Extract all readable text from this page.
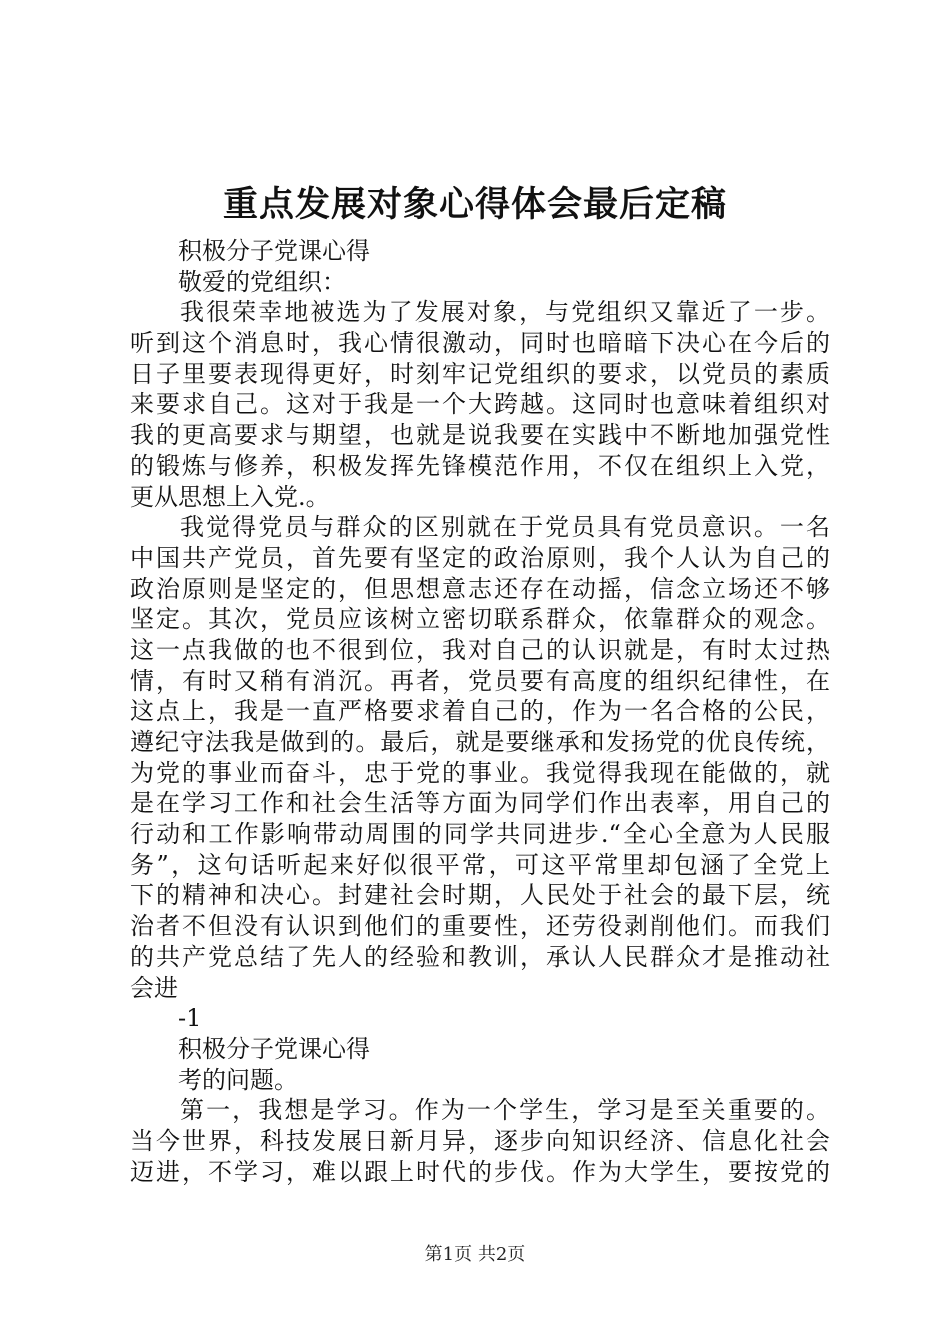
重点发展对象心得体会最后定稿
积极分子党课心得
敬爱的党组织：
我很荣幸地被选为了发展对象，与党组织又靠近了一步。
听到这个消息时，我心情很激动，同时也暗暗下决心在今后的
日子里要表现得更好，时刻牢记党组织的要求，以党员的素质
来要求自己。这对于我是一个大跨越。这同时也意味着组织对
我的更高要求与期望，也就是说我要在实践中不断地加强党性
的锻炼与修养，积极发挥先锋模范作用，不仅在组织上入党，
更从思想上入党.。
我觉得党员与群众的区别就在于党员具有党员意识。一名
中国共产党员，首先要有坚定的政治原则，我个人认为自己的
政治原则是坚定的，但思想意志还存在动摇，信念立场还不够
坚定。其次，党员应该树立密切联系群众，依靠群众的观念。
这一点我做的也不很到位，我对自己的认识就是，有时太过热
情，有时又稍有消沉。再者，党员要有高度的组织纪律性，在
这点上，我是一直严格要求着自己的，作为一名合格的公民，
遵纪守法我是做到的。最后，就是要继承和发扬党的优良传统，
为党的事业而奋斗，忠于党的事业。我觉得我现在能做的，就
是在学习工作和社会生活等方面为同学们作出表率，用自己的
行动和工作影响带动周围的同学共同进步.“全心全意为人民服
务”，这句话听起来好似很平常，可这平常里却包涵了全党上
下的精神和决心。封建社会时期，人民处于社会的最下层，统
治者不但没有认识到他们的重要性，还劳役剥削他们。而我们
的共产党总结了先人的经验和教训，承认人民群众才是推动社
会进
-1
积极分子党课心得
考的问题。
第一，我想是学习。作为一个学生，学习是至关重要的。
当今世界，科技发展日新月异，逐步向知识经济、信息化社会
迈进，不学习，难以跟上时代的步伐。作为大学生，要按党的
第1页 共2页
